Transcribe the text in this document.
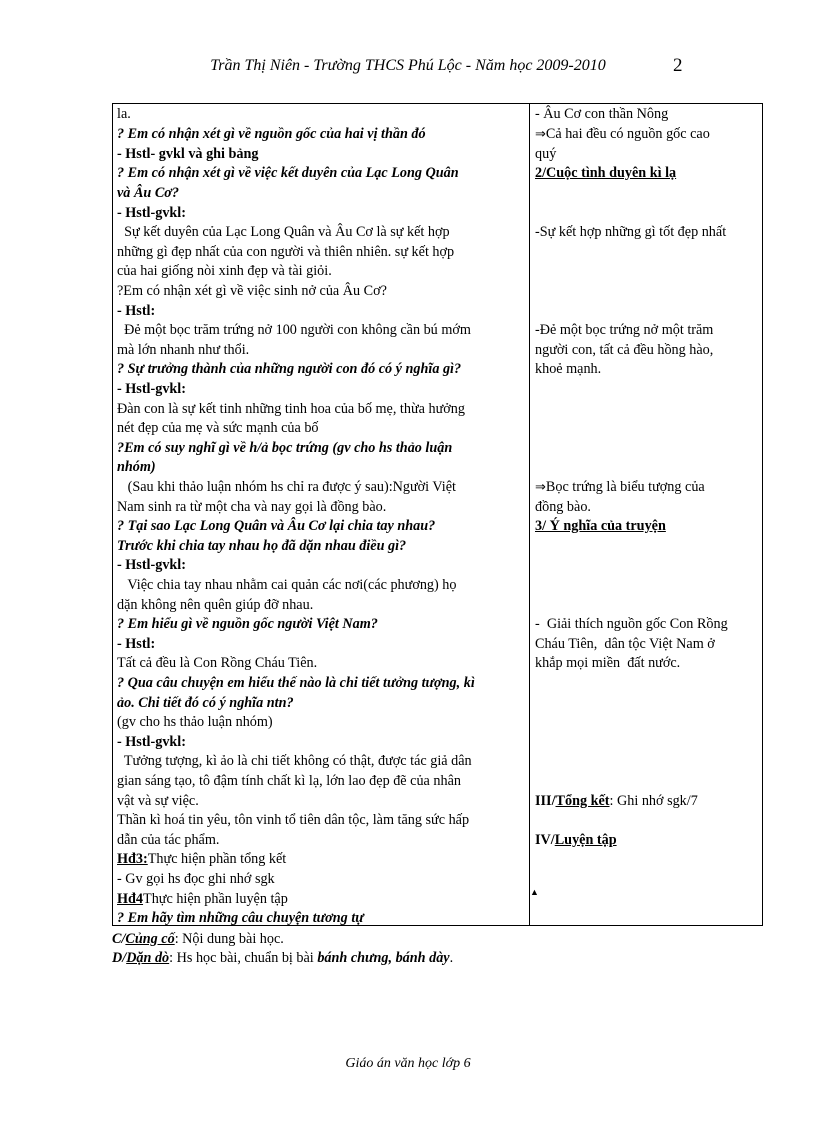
Trần Thị Niên - Trường THCS Phú Lộc - Năm học 2009-2010	2
la.
? Em có nhận xét gì về nguồn gốc của hai vị thần đó
- Hstl- gvkl và ghi bảng
? Em có nhận xét gì về việc kết duyên của Lạc Long Quân
và Âu Cơ?
- Hstl-gvkl:
Sự kết duyên của Lạc Long Quân và Âu Cơ là sự kết hợp
những gì đẹp nhất của con người và thiên nhiên. sự kết hợp
của hai giống nòi xinh đẹp và tài giỏi.
?Em có nhận xét gì về việc sinh nở của Âu Cơ?
- Hstl:
Đẻ một bọc trăm trứng nở 100 người con không cần bú mớm
mà lớn nhanh như thổi.
? Sự trưởng thành của những người con đó có ý nghĩa gì?
- Hstl-gvkl:
Đàn con là sự kết tinh những tinh hoa của bố mẹ, thừa hưởng
nét đẹp của mẹ và sức mạnh của bố
?Em có suy nghĩ gì về h/ả bọc trứng (gv cho hs thảo luận
nhóm)
(Sau khi thảo luận nhóm hs chỉ ra được ý sau):Người Việt
Nam sinh ra từ một cha và nay gọi là đồng bào.
? Tại sao Lạc Long Quân và Âu Cơ lại chia tay nhau?
Trước khi chia tay nhau họ đã dặn nhau điều gì?
- Hstl-gvkl:
Việc chia tay nhau nhằm cai quản các nơi(các phương) họ
dặn không nên quên giúp đỡ nhau.
? Em hiểu gì về nguồn gốc người Việt Nam?
- Hstl:
Tất cả đều là Con Rồng Cháu Tiên.
? Qua câu chuyện em hiểu thế nào là chi tiết tưởng tượng, kì
ảo. Chi tiết đó có ý nghĩa ntn?
(gv cho hs thảo luận nhóm)
- Hstl-gvkl:
Tưởng tượng, kì ảo là chi tiết không có thật, được tác giả dân
gian sáng tạo, tô đậm tính chất kì lạ, lớn lao đẹp đẽ của nhân
vật và sự việc.
Thần kì hoá tin yêu, tôn vinh tổ tiên dân tộc, làm tăng sức hấp
dẫn của tác phẩm.
Hđ3:Thực hiện phần tổng kết
- Gv gọi hs đọc ghi nhớ sgk
Hđ4Thực hiện phần luyện tập
? Em hãy tìm những câu chuyện tương tự
- Âu Cơ con thần Nông
⇒Cả hai đều có nguồn gốc cao
quý
2/Cuộc tình duyên kì lạ
-Sự kết hợp những gì tốt đẹp nhất
-Đẻ một bọc trứng nở một trăm
người con, tất cả đều hồng hào,
khoẻ mạnh.
⇒Bọc trứng là biểu tượng của
đồng bào.
3/ Ý nghĩa của truyện
-  Giải thích nguồn gốc Con Rồng
Cháu Tiên,  dân tộc Việt Nam ở
khắp mọi miền  đất nước.
III/Tổng kết: Ghi nhớ sgk/7
IV/Luyện tập
▲
C/Củng cố: Nội dung bài học.
D/Dặn dò: Hs học bài, chuẩn bị bài bánh chưng, bánh dày.
Giáo án văn học lớp 6
